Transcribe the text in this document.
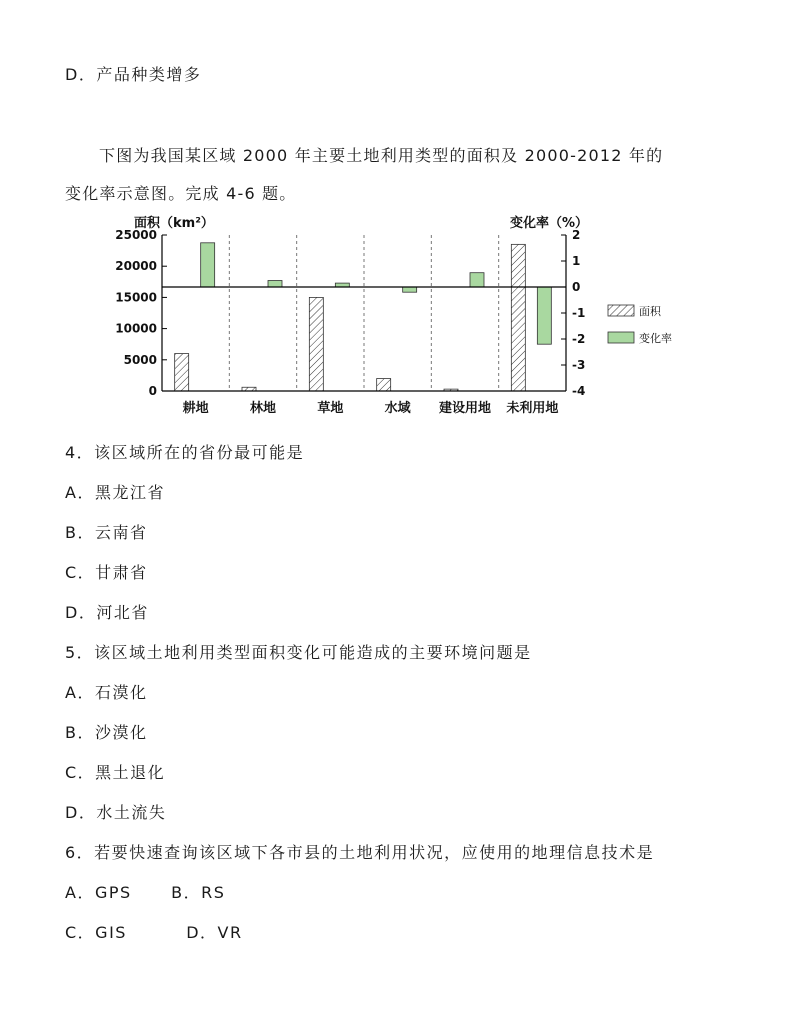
D．产品种类增多
下图为我国某区域 2000 年主要土地利用类型的面积及 2000-2012 年的
变化率示意图。完成 4-6 题。
面积（km²）	变化率（%）
25000
20000
15000
10000
5000
0
2
1
0
-1
-2
-3
-4
耕地	林地	草地	水域 建设用地 未利用地
面积
变化率
4．该区域所在的省份最可能是
A．黑龙江省
B．云南省
C．甘肃省
D．河北省
5．该区域土地利用类型面积变化可能造成的主要环境问题是
A．石漠化
B．沙漠化
C．黑土退化
D．水土流失
6．若要快速查询该区域下各市县的土地利用状况，应使用的地理信息技术是
A．GPS      B．RS
C．GIS         D．VR
